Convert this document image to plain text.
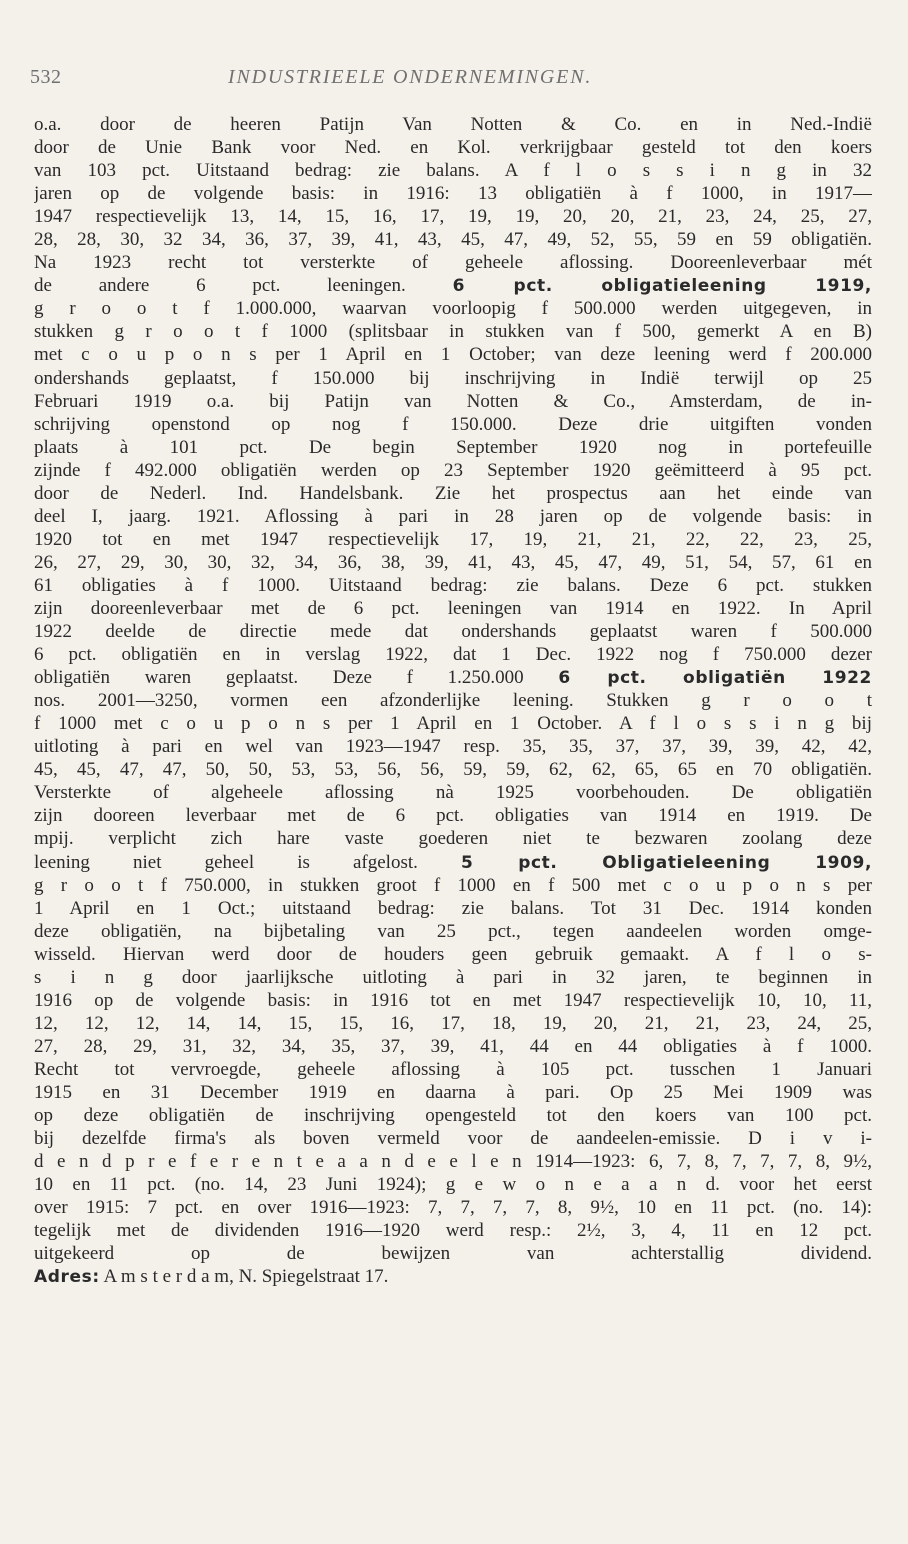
532	INDUSTRIEELE ONDERNEMINGEN.
o.a. door de heeren Patijn Van Notten & Co. en in Ned.-Indië
door de Unie Bank voor Ned. en Kol. verkrijgbaar gesteld tot den koers
van 103 pct. Uitstaand bedrag: zie balans. A f l o s s i n g in 32
jaren op de volgende basis: in 1916: 13 obligatiën à f 1000, in 1917—
1947 respectievelijk 13, 14, 15, 16, 17, 19, 19, 20, 20, 21, 23, 24, 25, 27,
28, 28, 30, 32 34, 36, 37, 39, 41, 43, 45, 47, 49, 52, 55, 59 en 59 obligatiën.
Na 1923 recht tot versterkte of geheele aflossing. Dooreenleverbaar mét
de andere 6 pct. leeningen. 6 pct. obligatieleening 1919,
g r o o t f 1.000.000, waarvan voorloopig f 500.000 werden uitgegeven, in
stukken g r o o t f 1000 (splitsbaar in stukken van f 500, gemerkt A en B)
met c o u p o n s per 1 April en 1 October; van deze leening werd f 200.000
ondershands geplaatst, f 150.000 bij inschrijving in Indië terwijl op 25
Februari 1919 o.a. bij Patijn van Notten & Co., Amsterdam, de in-
schrijving openstond op nog f 150.000. Deze drie uitgiften vonden
plaats à 101 pct. De begin September 1920 nog in portefeuille
zijnde f 492.000 obligatiën werden op 23 September 1920 geëmitteerd à 95 pct.
door de Nederl. Ind. Handelsbank. Zie het prospectus aan het einde van
deel I, jaarg. 1921. Aflossing à pari in 28 jaren op de volgende basis: in
1920 tot en met 1947 respectievelijk 17, 19, 21, 21, 22, 22, 23, 25,
26, 27, 29, 30, 30, 32, 34, 36, 38, 39, 41, 43, 45, 47, 49, 51, 54, 57, 61 en
61 obligaties à f 1000. Uitstaand bedrag: zie balans. Deze 6 pct. stukken
zijn dooreenleverbaar met de 6 pct. leeningen van 1914 en 1922. In April
1922 deelde de directie mede dat ondershands geplaatst waren f 500.000
6 pct. obligatiën en in verslag 1922, dat 1 Dec. 1922 nog f 750.000 dezer
obligatiën waren geplaatst. Deze f 1.250.000 6 pct. obligatiën 1922
nos. 2001—3250, vormen een afzonderlijke leening. Stukken g r o o t
f 1000 met c o u p o n s per 1 April en 1 October. A f l o s s i n g bij
uitloting à pari en wel van 1923—1947 resp. 35, 35, 37, 37, 39, 39, 42, 42,
45, 45, 47, 47, 50, 50, 53, 53, 56, 56, 59, 59, 62, 62, 65, 65 en 70 obligatiën.
Versterkte of algeheele aflossing nà 1925 voorbehouden. De obligatiën
zijn dooreen leverbaar met de 6 pct. obligaties van 1914 en 1919. De
mpij. verplicht zich hare vaste goederen niet te bezwaren zoolang deze
leening niet geheel is afgelost. 5 pct. Obligatieleening 1909,
g r o o t f 750.000, in stukken groot f 1000 en f 500 met c o u p o n s per
1 April en 1 Oct.; uitstaand bedrag: zie balans. Tot 31 Dec. 1914 konden
deze obligatiën, na bijbetaling van 25 pct., tegen aandeelen worden omge-
wisseld. Hiervan werd door de houders geen gebruik gemaakt. A f l o s-
s i n g door jaarlijksche uitloting à pari in 32 jaren, te beginnen in
1916 op de volgende basis: in 1916 tot en met 1947 respectievelijk 10, 10, 11,
12, 12, 12, 14, 14, 15, 15, 16, 17, 18, 19, 20, 21, 21, 23, 24, 25,
27, 28, 29, 31, 32, 34, 35, 37, 39, 41, 44 en 44 obligaties à f 1000.
Recht tot vervroegde, geheele aflossing à 105 pct. tusschen 1 Januari
1915 en 31 December 1919 en daarna à pari. Op 25 Mei 1909 was
op deze obligatiën de inschrijving opengesteld tot den koers van 100 pct.
bij dezelfde firma's als boven vermeld voor de aandeelen-emissie. D i v i-
d e n d p r e f e r e n t e a a n d e e l e n 1914—1923: 6, 7, 8, 7, 7, 7, 8, 9½,
10 en 11 pct. (no. 14, 23 Juni 1924); g e w o n e a a n d. voor het eerst
over 1915: 7 pct. en over 1916—1923: 7, 7, 7, 7, 8, 9½, 10 en 11 pct. (no. 14):
tegelijk met de dividenden 1916—1920 werd resp.: 2½, 3, 4, 11 en 12 pct.
uitgekeerd op de bewijzen van achterstallig dividend.
Adres: A m s t e r d a m, N. Spiegelstraat 17.
